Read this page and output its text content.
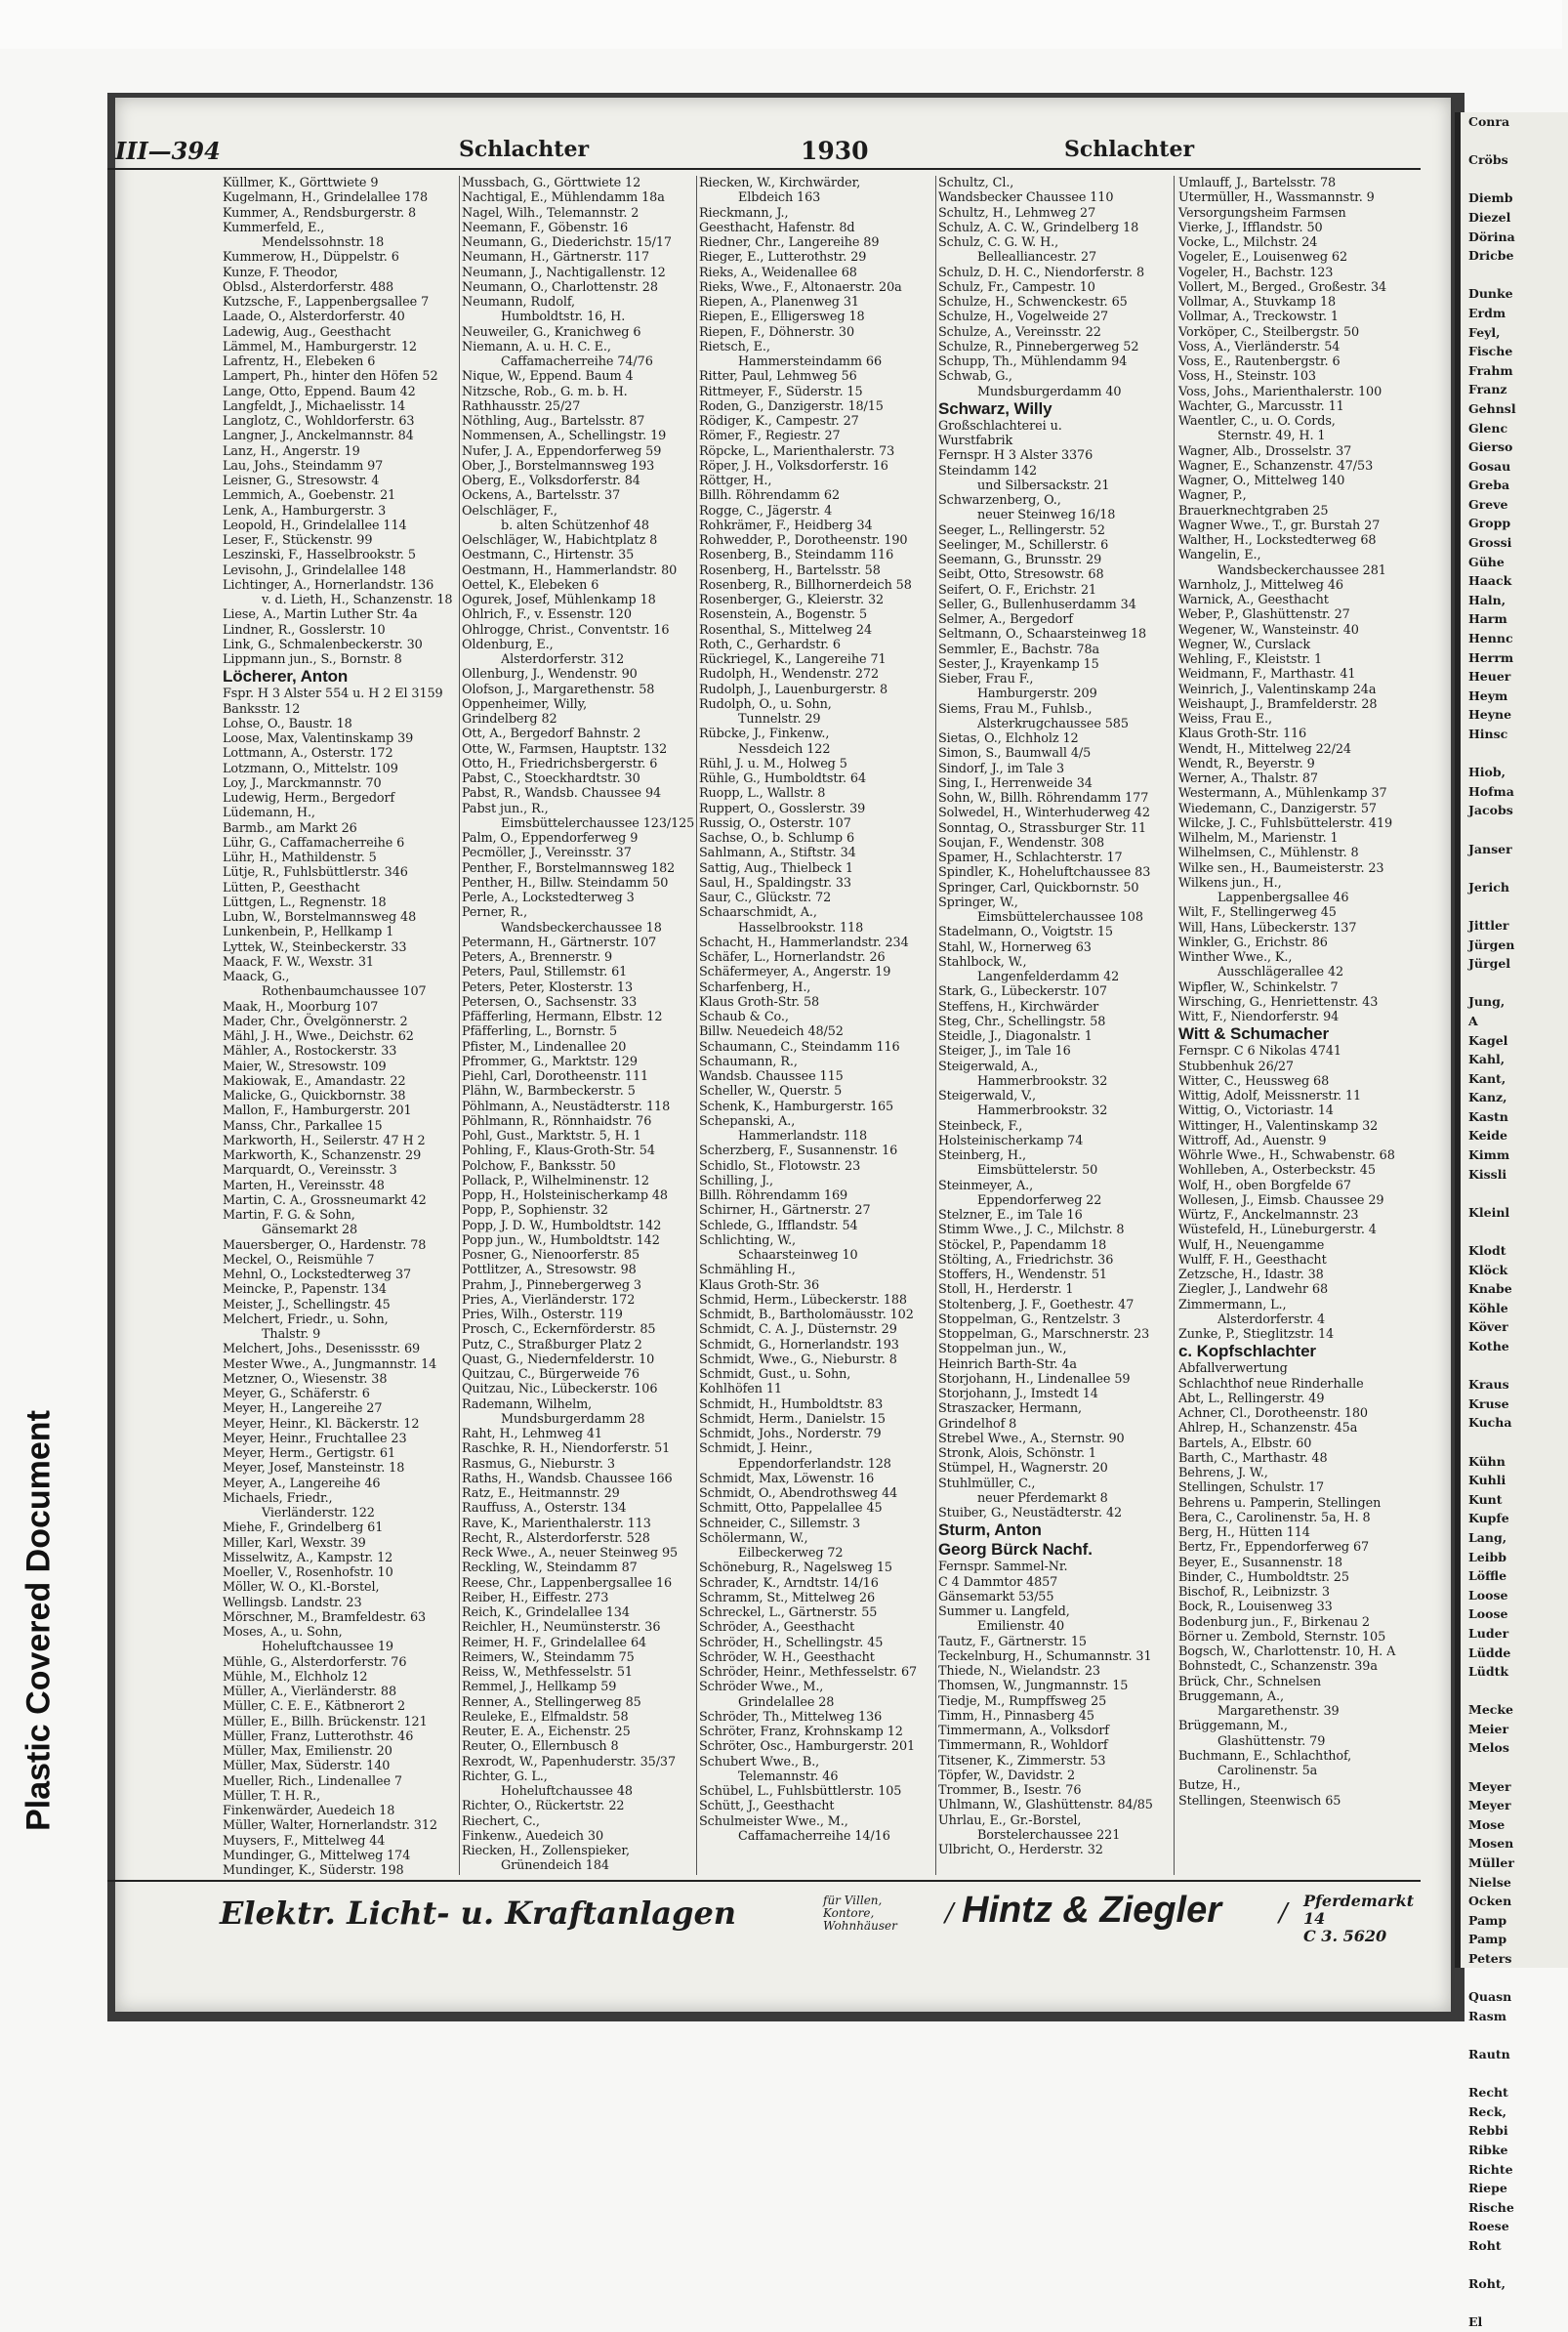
Conra

Cröbs

Diemb
Diezel
Dörina
Dricbe

Dunke
Erdm
Feyl,
Fische
Frahm
Franz
Gehnsl
Glenc
Gierso
Gosau
Greba
Greve
Gropp
Grossi
Gühe
Haack
Haln,
Harm
Hennc
Herrm
Heuer
Heym
Heyne
Hinsc

Hiob,
Hofma
Jacobs

Janser

Jerich

Jittler
Jürgen
Jürgel

Jung,
A
Kagel
Kahl,
Kant,
Kanz,
Kastn
Keide
Kimm
Kissli

Kleinl

Klodt
Klöck
Knabe
Köhle
Köver
Kothe

Kraus
Kruse
Kucha

Kühn
Kuhli
Kunt
Kupfe
Lang,
Leibb
Löffle
Loose
Loose
Luder
Lüdde
Lüdtk

Mecke
Meier
Melos

Meyer
Meyer
Mose
Mosen
Müller
Nielse
Ocken
Pamp
Pamp
Peters

Quasn
Rasm

Rautn

Recht
Reck,
Rebbi
Ribke
Richte
Riepe
Rische
Roese
Roht

Roht,

El
Plastic Covered Document
III—394	Schlachter	1930	Schlachter
Küllmer, K., Görttwiete 9
Kugelmann, H., Grindelallee 178
Kummer, A., Rendsburgerstr. 8
Kummerfeld, E.,
Mendelssohnstr. 18
Kummerow, H., Düppelstr. 6
Kunze, F. Theodor,
Oblsd., Alsterdorferstr. 488
Kutzsche, F., Lappenbergsallee 7
Laade, O., Alsterdorferstr. 40
Ladewig, Aug., Geesthacht
Lämmel, M., Hamburgerstr. 12
Lafrentz, H., Elebeken 6
Lampert, Ph., hinter den Höfen 52
Lange, Otto, Eppend. Baum 42
Langfeldt, J., Michaelisstr. 14
Langlotz, C., Wohldorferstr. 63
Langner, J., Anckelmannstr. 84
Lanz, H., Angerstr. 19
Lau, Johs., Steindamm 97
Leisner, G., Stresowstr. 4
Lemmich, A., Goebenstr. 21
Lenk, A., Hamburgerstr. 3
Leopold, H., Grindelallee 114
Leser, F., Stückenstr. 99
Leszinski, F., Hasselbrookstr. 5
Levisohn, J., Grindelallee 148
Lichtinger, A., Hornerlandstr. 136
v. d. Lieth, H., Schanzenstr. 18
Liese, A., Martin Luther Str. 4a
Lindner, R., Gosslerstr. 10
Link, G., Schmalenbeckerstr. 30
Lippmann jun., S., Bornstr. 8
Löcherer, Anton
Fspr. H 3 Alster 554 u. H 2 El 3159
Banksstr. 12
Lohse, O., Baustr. 18
Loose, Max, Valentinskamp 39
Lottmann, A., Osterstr. 172
Lotzmann, O., Mittelstr. 109
Loy, J., Marckmannstr. 70
Ludewig, Herm., Bergedorf
Lüdemann, H.,
Barmb., am Markt 26
Lühr, G., Caffamacherreihe 6
Lühr, H., Mathildenstr. 5
Lütje, R., Fuhlsbüttlerstr. 346
Lütten, P., Geesthacht
Lüttgen, L., Regnenstr. 18
Lubn, W., Borstelmannsweg 48
Lunkenbein, P., Hellkamp 1
Lyttek, W., Steinbeckerstr. 33
Maack, F. W., Wexstr. 31
Maack, G.,
Rothenbaumchaussee 107
Maak, H., Moorburg 107
Mader, Chr., Övelgönnerstr. 2
Mähl, J. H., Wwe., Deichstr. 62
Mähler, A., Rostockerstr. 33
Maier, W., Stresowstr. 109
Makiowak, E., Amandastr. 22
Malicke, G., Quickbornstr. 38
Mallon, F., Hamburgerstr. 201
Manss, Chr., Parkallee 15
Markworth, H., Seilerstr. 47 H 2
Markworth, K., Schanzenstr. 29
Marquardt, O., Vereinsstr. 3
Marten, H., Vereinsstr. 48
Martin, C. A., Grossneumarkt 42
Martin, F. G. & Sohn,
Gänsemarkt 28
Mauersberger, O., Hardenstr. 78
Meckel, O., Reismühle 7
Mehnl, O., Lockstedterweg 37
Meincke, P., Papenstr. 134
Meister, J., Schellingstr. 45
Melchert, Friedr., u. Sohn,
Thalstr. 9
Melchert, Johs., Desenissstr. 69
Mester Wwe., A., Jungmannstr. 14
Metzner, O., Wiesenstr. 38
Meyer, G., Schäferstr. 6
Meyer, H., Langereihe 27
Meyer, Heinr., Kl. Bäckerstr. 12
Meyer, Heinr., Fruchtallee 23
Meyer, Herm., Gertigstr. 61
Meyer, Josef, Mansteinstr. 18
Meyer, A., Langereihe 46
Michaels, Friedr.,
Vierländerstr. 122
Miehe, F., Grindelberg 61
Miller, Karl, Wexstr. 39
Misselwitz, A., Kampstr. 12
Moeller, V., Rosenhofstr. 10
Möller, W. O., Kl.-Borstel,
Wellingsb. Landstr. 23
Mörschner, M., Bramfeldestr. 63
Moses, A., u. Sohn,
Hoheluftchaussee 19
Mühle, G., Alsterdorferstr. 76
Mühle, M., Elchholz 12
Müller, A., Vierländerstr. 88
Müller, C. E. E., Kätbnerort 2
Müller, E., Billh. Brückenstr. 121
Müller, Franz, Lutterothstr. 46
Müller, Max, Emilienstr. 20
Müller, Max, Süderstr. 140
Mueller, Rich., Lindenallee 7
Müller, T. H. R.,
Finkenwärder, Auedeich 18
Müller, Walter, Hornerlandstr. 312
Muysers, F., Mittelweg 44
Mundinger, G., Mittelweg 174
Mundinger, K., Süderstr. 198
Mussbach, G., Görttwiete 12
Nachtigal, E., Mühlendamm 18a
Nagel, Wilh., Telemannstr. 2
Neemann, F., Göbenstr. 16
Neumann, G., Diederichstr. 15/17
Neumann, H., Gärtnerstr. 117
Neumann, J., Nachtigallenstr. 12
Neumann, O., Charlottenstr. 28
Neumann, Rudolf,
Humboldtstr. 16, H.
Neuweiler, G., Kranichweg 6
Niemann, A. u. H. C. E.,
Caffamacherreihe 74/76
Nique, W., Eppend. Baum 4
Nitzsche, Rob., G. m. b. H.
Rathhausstr. 25/27
Nöthling, Aug., Bartelsstr. 87
Nommensen, A., Schellingstr. 19
Nufer, J. A., Eppendorferweg 59
Ober, J., Borstelmannsweg 193
Oberg, E., Volksdorferstr. 84
Ockens, A., Bartelsstr. 37
Oelschläger, F.,
b. alten Schützenhof 48
Oelschläger, W., Habichtplatz 8
Oestmann, C., Hirtenstr. 35
Oestmann, H., Hammerlandstr. 80
Oettel, K., Elebeken 6
Ogurek, Josef, Mühlenkamp 18
Ohlrich, F., v. Essenstr. 120
Ohlrogge, Christ., Conventstr. 16
Oldenburg, E.,
Alsterdorferstr. 312
Ollenburg, J., Wendenstr. 90
Olofson, J., Margarethenstr. 58
Oppenheimer, Willy,
Grindelberg 82
Ott, A., Bergedorf Bahnstr. 2
Otte, W., Farmsen, Hauptstr. 132
Otto, H., Friedrichsbergerstr. 6
Pabst, C., Stoeckhardtstr. 30
Pabst, R., Wandsb. Chaussee 94
Pabst jun., R.,
Eimsbüttelerchaussee 123/125
Palm, O., Eppendorferweg 9
Pecmöller, J., Vereinsstr. 37
Penther, F., Borstelmannsweg 182
Penther, H., Billw. Steindamm 50
Perle, A., Lockstedterweg 3
Perner, R.,
Wandsbeckerchaussee 18
Petermann, H., Gärtnerstr. 107
Peters, A., Brennerstr. 9
Peters, Paul, Stillemstr. 61
Peters, Peter, Klosterstr. 13
Petersen, O., Sachsenstr. 33
Pfäfferling, Hermann, Elbstr. 12
Pfäfferling, L., Bornstr. 5
Pfister, M., Lindenallee 20
Pfrommer, G., Marktstr. 129
Piehl, Carl, Dorotheenstr. 111
Plähn, W., Barmbeckerstr. 5
Pöhlmann, A., Neustädterstr. 118
Pöhlmann, R., Rönnhaidstr. 76
Pohl, Gust., Marktstr. 5, H. 1
Pohling, F., Klaus-Groth-Str. 54
Polchow, F., Banksstr. 50
Pollack, P., Wilhelminenstr. 12
Popp, H., Holsteinischerkamp 48
Popp, P., Sophienstr. 32
Popp, J. D. W., Humboldtstr. 142
Popp jun., W., Humboldtstr. 142
Posner, G., Nienoorferstr. 85
Pottlitzer, A., Stresowstr. 98
Prahm, J., Pinnebergerweg 3
Pries, A., Vierländerstr. 172
Pries, Wilh., Osterstr. 119
Prosch, C., Eckernförderstr. 85
Putz, C., Straßburger Platz 2
Quast, G., Niedernfelderstr. 10
Quitzau, C., Bürgerweide 76
Quitzau, Nic., Lübeckerstr. 106
Rademann, Wilhelm,
Mundsburgerdamm 28
Raht, H., Lehmweg 41
Raschke, R. H., Niendorferstr. 51
Rasmus, G., Nieburstr. 3
Raths, H., Wandsb. Chaussee 166
Ratz, E., Heitmannstr. 29
Rauffuss, A., Osterstr. 134
Rave, K., Marienthalerstr. 113
Recht, R., Alsterdorferstr. 528
Reck Wwe., A., neuer Steinweg 95
Reckling, W., Steindamm 87
Reese, Chr., Lappenbergsallee 16
Reiber, H., Eiffestr. 273
Reich, K., Grindelallee 134
Reichler, H., Neumünsterstr. 36
Reimer, H. F., Grindelallee 64
Reimers, W., Steindamm 75
Reiss, W., Methfesselstr. 51
Remmel, J., Hellkamp 59
Renner, A., Stellingerweg 85
Reuleke, E., Elfmaldstr. 58
Reuter, E. A., Eichenstr. 25
Reuter, O., Ellernbusch 8
Rexrodt, W., Papenhuderstr. 35/37
Richter, G. L.,
Hoheluftchaussee 48
Richter, O., Rückertstr. 22
Riechert, C.,
Finkenw., Auedeich 30
Riecken, H., Zollenspieker,
Grünendeich 184
Riecken, W., Kirchwärder,
Elbdeich 163
Rieckmann, J.,
Geesthacht, Hafenstr. 8d
Riedner, Chr., Langereihe 89
Rieger, E., Lutterothstr. 29
Rieks, A., Weidenallee 68
Rieks, Wwe., F., Altonaerstr. 20a
Riepen, A., Planenweg 31
Riepen, E., Elligersweg 18
Riepen, F., Döhnerstr. 30
Rietsch, E.,
Hammersteindamm 66
Ritter, Paul, Lehmweg 56
Rittmeyer, F., Süderstr. 15
Roden, G., Danzigerstr. 18/15
Rödiger, K., Campestr. 27
Römer, F., Regiestr. 27
Röpcke, L., Marienthalerstr. 73
Röper, J. H., Volksdorferstr. 16
Röttger, H.,
Billh. Röhrendamm 62
Rogge, C., Jägerstr. 4
Rohkrämer, F., Heidberg 34
Rohwedder, P., Dorotheenstr. 190
Rosenberg, B., Steindamm 116
Rosenberg, H., Bartelsstr. 58
Rosenberg, R., Billhornerdeich 58
Rosenberger, G., Kleierstr. 32
Rosenstein, A., Bogenstr. 5
Rosenthal, S., Mittelweg 24
Roth, C., Gerhardstr. 6
Rückriegel, K., Langereihe 71
Rudolph, H., Wendenstr. 272
Rudolph, J., Lauenburgerstr. 8
Rudolph, O., u. Sohn,
Tunnelstr. 29
Rübcke, J., Finkenw.,
Nessdeich 122
Rühl, J. u. M., Holweg 5
Rühle, G., Humboldtstr. 64
Ruopp, L., Wallstr. 8
Ruppert, O., Gosslerstr. 39
Russig, O., Osterstr. 107
Sachse, O., b. Schlump 6
Sahlmann, A., Stiftstr. 34
Sattig, Aug., Thielbeck 1
Saul, H., Spaldingstr. 33
Saur, C., Glückstr. 72
Schaarschmidt, A.,
Hasselbrookstr. 118
Schacht, H., Hammerlandstr. 234
Schäfer, L., Hornerlandstr. 26
Schäfermeyer, A., Angerstr. 19
Scharfenberg, H.,
Klaus Groth-Str. 58
Schaub & Co.,
Billw. Neuedeich 48/52
Schaumann, C., Steindamm 116
Schaumann, R.,
Wandsb. Chaussee 115
Scheller, W., Querstr. 5
Schenk, K., Hamburgerstr. 165
Schepanski, A.,
Hammerlandstr. 118
Scherzberg, F., Susannenstr. 16
Schidlo, St., Flotowstr. 23
Schilling, J.,
Billh. Röhrendamm 169
Schirner, H., Gärtnerstr. 27
Schlede, G., Ifflandstr. 54
Schlichting, W.,
Schaarsteinweg 10
Schmähling H.,
Klaus Groth-Str. 36
Schmid, Herm., Lübeckerstr. 188
Schmidt, B., Bartholomäusstr. 102
Schmidt, C. A. J., Düsternstr. 29
Schmidt, G., Hornerlandstr. 193
Schmidt, Wwe., G., Nieburstr. 8
Schmidt, Gust., u. Sohn,
Kohlhöfen 11
Schmidt, H., Humboldtstr. 83
Schmidt, Herm., Danielstr. 15
Schmidt, Johs., Norderstr. 79
Schmidt, J. Heinr.,
Eppendorferlandstr. 128
Schmidt, Max, Löwenstr. 16
Schmidt, O., Abendrothsweg 44
Schmitt, Otto, Pappelallee 45
Schneider, C., Sillemstr. 3
Schölermann, W.,
Eilbeckerweg 72
Schöneburg, R., Nagelsweg 15
Schrader, K., Arndtstr. 14/16
Schramm, St., Mittelweg 26
Schreckel, L., Gärtnerstr. 55
Schröder, A., Geesthacht
Schröder, H., Schellingstr. 45
Schröder, W. H., Geesthacht
Schröder, Heinr., Methfesselstr. 67
Schröder Wwe., M.,
Grindelallee 28
Schröder, Th., Mittelweg 136
Schröter, Franz, Krohnskamp 12
Schröter, Osc., Hamburgerstr. 201
Schubert Wwe., B.,
Telemannstr. 46
Schübel, L., Fuhlsbüttlerstr. 105
Schütt, J., Geesthacht
Schulmeister Wwe., M.,
Caffamacherreihe 14/16
Schultz, Cl.,
Wandsbecker Chaussee 110
Schultz, H., Lehmweg 27
Schulz, A. C. W., Grindelberg 18
Schulz, C. G. W. H.,
Bellealliancestr. 27
Schulz, D. H. C., Niendorferstr. 8
Schulz, Fr., Campestr. 10
Schulze, H., Schwenckestr. 65
Schulze, H., Vogelweide 27
Schulze, A., Vereinsstr. 22
Schulze, R., Pinnebergerweg 52
Schupp, Th., Mühlendamm 94
Schwab, G.,
Mundsburgerdamm 40
Schwarz, Willy
Großschlachterei u.
Wurstfabrik
Fernspr. H 3 Alster 3376
Steindamm 142
und Silbersackstr. 21
Schwarzenberg, O.,
neuer Steinweg 16/18
Seeger, L., Rellingerstr. 52
Seelinger, M., Schillerstr. 6
Seemann, G., Brunsstr. 29
Seibt, Otto, Stresowstr. 68
Seifert, O. F., Erichstr. 21
Seller, G., Bullenhuserdamm 34
Selmer, A., Bergedorf
Seltmann, O., Schaarsteinweg 18
Semmler, E., Bachstr. 78a
Sester, J., Krayenkamp 15
Sieber, Frau F.,
Hamburgerstr. 209
Siems, Frau M., Fuhlsb.,
Alsterkrugchaussee 585
Sietas, O., Elchholz 12
Simon, S., Baumwall 4/5
Sindorf, J., im Tale 3
Sing, I., Herrenweide 34
Sohn, W., Billh. Röhrendamm 177
Solwedel, H., Winterhuderweg 42
Sonntag, O., Strassburger Str. 11
Soujan, F., Wendenstr. 308
Spamer, H., Schlachterstr. 17
Spindler, K., Hoheluftchaussee 83
Springer, Carl, Quickbornstr. 50
Springer, W.,
Eimsbüttelerchaussee 108
Stadelmann, O., Voigtstr. 15
Stahl, W., Hornerweg 63
Stahlbock, W.,
Langenfelderdamm 42
Stark, G., Lübeckerstr. 107
Steffens, H., Kirchwärder
Steg, Chr., Schellingstr. 58
Steidle, J., Diagonalstr. 1
Steiger, J., im Tale 16
Steigerwald, A.,
Hammerbrookstr. 32
Steigerwald, V.,
Hammerbrookstr. 32
Steinbeck, F.,
Holsteinischerkamp 74
Steinberg, H.,
Eimsbüttelerstr. 50
Steinmeyer, A.,
Eppendorferweg 22
Stelzner, E., im Tale 16
Stimm Wwe., J. C., Milchstr. 8
Stöckel, P., Papendamm 18
Stölting, A., Friedrichstr. 36
Stoffers, H., Wendenstr. 51
Stoll, H., Herderstr. 1
Stoltenberg, J. F., Goethestr. 47
Stoppelman, G., Rentzelstr. 3
Stoppelman, G., Marschnerstr. 23
Stoppelman jun., W.,
Heinrich Barth-Str. 4a
Storjohann, H., Lindenallee 59
Storjohann, J., Imstedt 14
Straszacker, Hermann,
Grindelhof 8
Strebel Wwe., A., Sternstr. 90
Stronk, Alois, Schönstr. 1
Stümpel, H., Wagnerstr. 20
Stuhlmüller, C.,
neuer Pferdemarkt 8
Stuiber, G., Neustädterstr. 42
Sturm, Anton
Georg Bürck Nachf.
Fernspr. Sammel-Nr.
C 4 Dammtor 4857
Gänsemarkt 53/55
Summer u. Langfeld,
Emilienstr. 40
Tautz, F., Gärtnerstr. 15
Teckelnburg, H., Schumannstr. 31
Thiede, N., Wielandstr. 23
Thomsen, W., Jungmannstr. 15
Tiedje, M., Rumpffsweg 25
Timm, H., Pinnasberg 45
Timmermann, A., Volksdorf
Timmermann, R., Wohldorf
Titsener, K., Zimmerstr. 53
Töpfer, W., Davidstr. 2
Trommer, B., Isestr. 76
Uhlmann, W., Glashüttenstr. 84/85
Uhrlau, E., Gr.-Borstel,
Borstelerchaussee 221
Ulbricht, O., Herderstr. 32
Umlauff, J., Bartelsstr. 78
Utermüller, H., Wassmannstr. 9
Versorgungsheim Farmsen
Vierke, J., Ifflandstr. 50
Vocke, L., Milchstr. 24
Vogeler, E., Louisenweg 62
Vogeler, H., Bachstr. 123
Vollert, M., Berged., Großestr. 34
Vollmar, A., Stuvkamp 18
Vollmar, A., Treckowstr. 1
Vorköper, C., Steilbergstr. 50
Voss, A., Vierländerstr. 54
Voss, E., Rautenbergstr. 6
Voss, H., Steinstr. 103
Voss, Johs., Marienthalerstr. 100
Wachter, G., Marcusstr. 11
Waentler, C., u. O. Cords,
Sternstr. 49, H. 1
Wagner, Alb., Drosselstr. 37
Wagner, E., Schanzenstr. 47/53
Wagner, O., Mittelweg 140
Wagner, P.,
Brauerknechtgraben 25
Wagner Wwe., T., gr. Burstah 27
Walther, H., Lockstedterweg 68
Wangelin, E.,
Wandsbeckerchaussee 281
Warnholz, J., Mittelweg 46
Warnick, A., Geesthacht
Weber, P., Glashüttenstr. 27
Wegener, W., Wansteinstr. 40
Wegner, W., Curslack
Wehling, F., Kleiststr. 1
Weidmann, F., Marthastr. 41
Weinrich, J., Valentinskamp 24a
Weishaupt, J., Bramfelderstr. 28
Weiss, Frau E.,
Klaus Groth-Str. 116
Wendt, H., Mittelweg 22/24
Wendt, R., Beyerstr. 9
Werner, A., Thalstr. 87
Westermann, A., Mühlenkamp 37
Wiedemann, C., Danzigerstr. 57
Wilcke, J. C., Fuhlsbüttelerstr. 419
Wilhelm, M., Marienstr. 1
Wilhelmsen, C., Mühlenstr. 8
Wilke sen., H., Baumeisterstr. 23
Wilkens jun., H.,
Lappenbergsallee 46
Wilt, F., Stellingerweg 45
Will, Hans, Lübeckerstr. 137
Winkler, G., Erichstr. 86
Winther Wwe., K.,
Ausschlägerallee 42
Wipfler, W., Schinkelstr. 7
Wirsching, G., Henriettenstr. 43
Witt, F., Niendorferstr. 94
Witt & Schumacher
Fernspr. C 6 Nikolas 4741
Stubbenhuk 26/27
Witter, C., Heussweg 68
Wittig, Adolf, Meissnerstr. 11
Wittig, O., Victoriastr. 14
Wittinger, H., Valentinskamp 32
Wittroff, Ad., Auenstr. 9
Wöhrle Wwe., H., Schwabenstr. 68
Wohlleben, A., Osterbeckstr. 45
Wolf, H., oben Borgfelde 67
Wollesen, J., Eimsb. Chaussee 29
Würtz, F., Anckelmannstr. 23
Wüstefeld, H., Lüneburgerstr. 4
Wulf, H., Neuengamme
Wulff, F. H., Geesthacht
Zetzsche, H., Idastr. 38
Ziegler, J., Landwehr 68
Zimmermann, L.,
Alsterdorferstr. 4
Zunke, P., Stieglitzstr. 14
c. Kopfschlachter
Abfallverwertung
Schlachthof neue Rinderhalle
Abt, L., Rellingerstr. 49
Achner, Cl., Dorotheenstr. 180
Ahlrep, H., Schanzenstr. 45a
Bartels, A., Elbstr. 60
Barth, C., Marthastr. 48
Behrens, J. W.,
Stellingen, Schulstr. 17
Behrens u. Pamperin, Stellingen
Bera, C., Carolinenstr. 5a, H. 8
Berg, H., Hütten 114
Bertz, Fr., Eppendorferweg 67
Beyer, E., Susannenstr. 18
Binder, C., Humboldtstr. 25
Bischof, R., Leibnizstr. 3
Bock, R., Louisenweg 33
Bodenburg jun., F., Birkenau 2
Börner u. Zembold, Sternstr. 105
Bogsch, W., Charlottenstr. 10, H. A
Bohnstedt, C., Schanzenstr. 39a
Brück, Chr., Schnelsen
Bruggemann, A.,
Margarethenstr. 39
Brüggemann, M.,
Glashüttenstr. 79
Buchmann, E., Schlachthof,
Carolinenstr. 5a
Butze, H.,
Stellingen, Steenwisch 65
Elektr. Licht- u. Kraftanlagen	für Villen, Kontore, Wohnhäuser	/ Hintz & Ziegler / Pferdemarkt 14
C 3. 5620
